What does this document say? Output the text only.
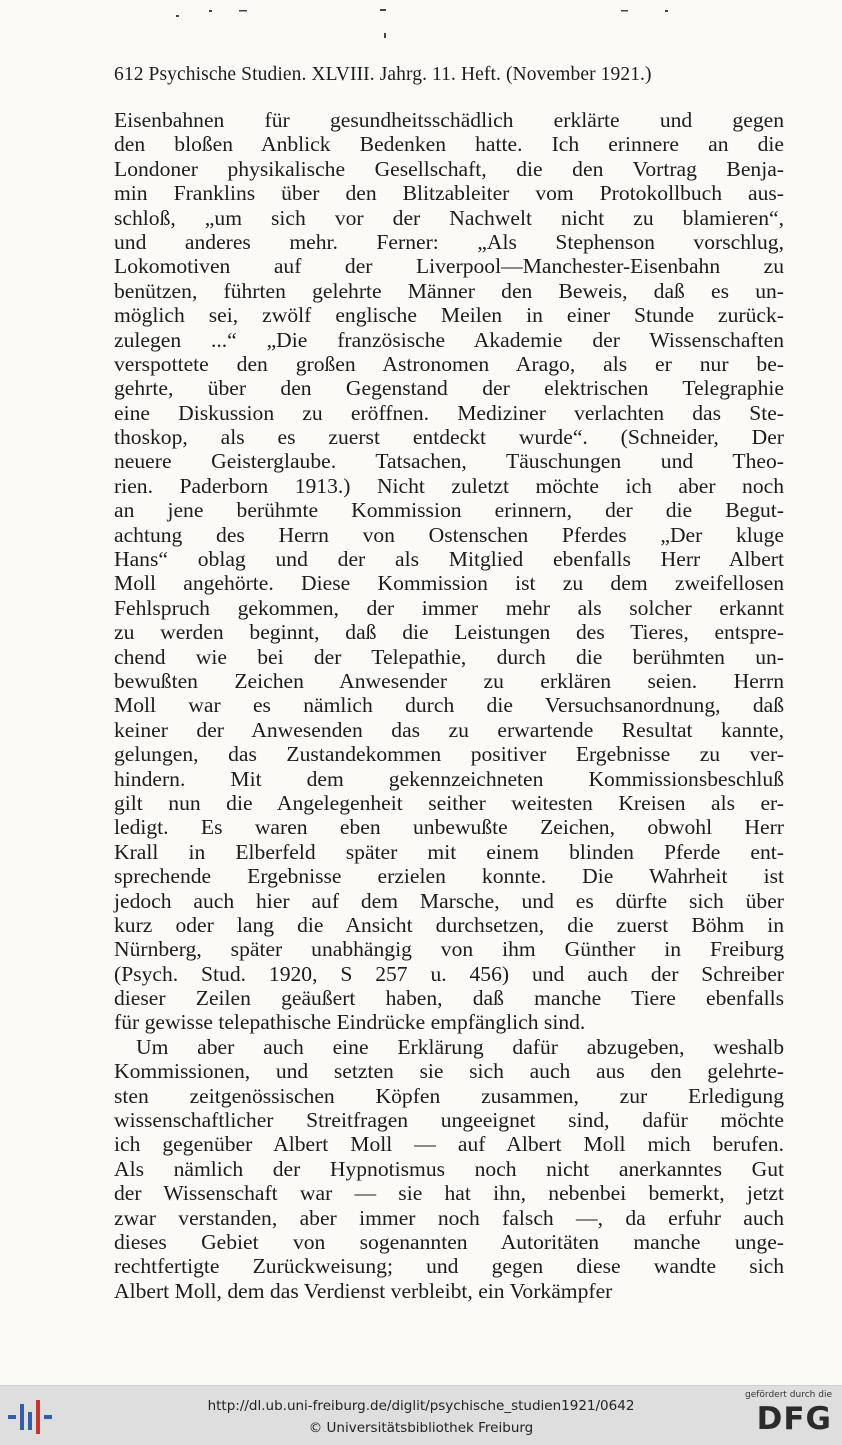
612 Psychische Studien. XLVIII. Jahrg. 11. Heft. (November 1921.)
Eisenbahnen für gesundheitsschädlich erklärte und gegen
den bloßen Anblick Bedenken hatte. Ich erinnere an die
Londoner physikalische Gesellschaft, die den Vortrag Benja-
min Franklins über den Blitzableiter vom Protokollbuch aus-
schloß, „um sich vor der Nachwelt nicht zu blamieren“,
und anderes mehr. Ferner: „Als Stephenson vorschlug,
Lokomotiven auf der Liverpool—Manchester-Eisenbahn zu
benützen, führten gelehrte Männer den Beweis, daß es un-
möglich sei, zwölf englische Meilen in einer Stunde zurück-
zulegen ...“ „Die französische Akademie der Wissenschaften
verspottete den großen Astronomen Arago, als er nur be-
gehrte, über den Gegenstand der elektrischen Telegraphie
eine Diskussion zu eröffnen. Mediziner verlachten das Ste-
thoskop, als es zuerst entdeckt wurde“. (Schneider, Der
neuere Geisterglaube. Tatsachen, Täuschungen und Theo-
rien. Paderborn 1913.) Nicht zuletzt möchte ich aber noch
an jene berühmte Kommission erinnern, der die Begut-
achtung des Herrn von Ostenschen Pferdes „Der kluge
Hans“ oblag und der als Mitglied ebenfalls Herr Albert
Moll angehörte. Diese Kommission ist zu dem zweifellosen
Fehlspruch gekommen, der immer mehr als solcher erkannt
zu werden beginnt, daß die Leistungen des Tieres, entspre-
chend wie bei der Telepathie, durch die berühmten un-
bewußten Zeichen Anwesender zu erklären seien. Herrn
Moll war es nämlich durch die Versuchsanordnung, daß
keiner der Anwesenden das zu erwartende Resultat kannte,
gelungen, das Zustandekommen positiver Ergebnisse zu ver-
hindern. Mit dem gekennzeichneten Kommissionsbeschluß
gilt nun die Angelegenheit seither weitesten Kreisen als er-
ledigt. Es waren eben unbewußte Zeichen, obwohl Herr
Krall in Elberfeld später mit einem blinden Pferde ent-
sprechende Ergebnisse erzielen konnte. Die Wahrheit ist
jedoch auch hier auf dem Marsche, und es dürfte sich über
kurz oder lang die Ansicht durchsetzen, die zuerst Böhm in
Nürnberg, später unabhängig von ihm Günther in Freiburg
(Psych. Stud. 1920, S 257 u. 456) und auch der Schreiber
dieser Zeilen geäußert haben, daß manche Tiere ebenfalls
für gewisse telepathische Eindrücke empfänglich sind.
Um aber auch eine Erklärung dafür abzugeben, weshalb
Kommissionen, und setzten sie sich auch aus den gelehrte-
sten zeitgenössischen Köpfen zusammen, zur Erledigung
wissenschaftlicher Streitfragen ungeeignet sind, dafür möchte
ich gegenüber Albert Moll — auf Albert Moll mich berufen.
Als nämlich der Hypnotismus noch nicht anerkanntes Gut
der Wissenschaft war — sie hat ihn, nebenbei bemerkt, jetzt
zwar verstanden, aber immer noch falsch —, da erfuhr auch
dieses Gebiet von sogenannten Autoritäten manche unge-
rechtfertigte Zurückweisung; und gegen diese wandte sich
Albert Moll, dem das Verdienst verbleibt, ein Vorkämpfer
http://dl.ub.uni-freiburg.de/diglit/psychische_studien1921/0642
© Universitätsbibliothek Freiburg
gefördert durch die
DFG
